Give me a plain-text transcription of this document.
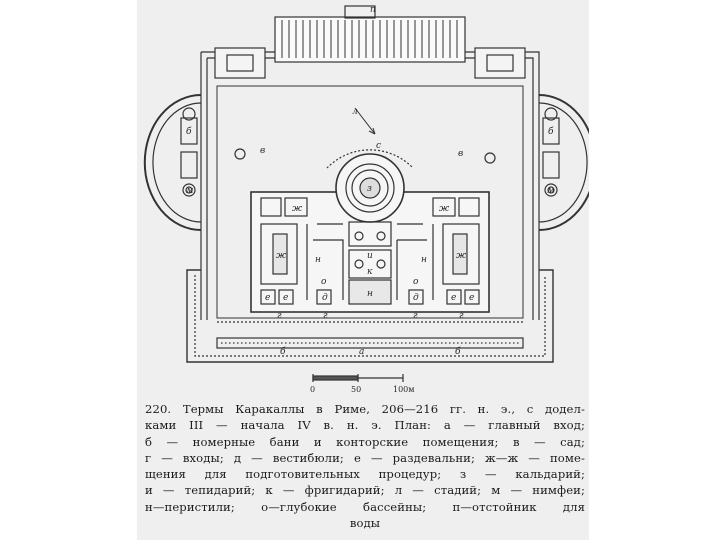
п
л
с
в	в
б	б
м	м
з
ж	ж
ж	ж
и
к
н	н
н
о	о
е е	е е
д	д
г	г	г	г
б	б
а
0	50	100м
220. Термы Каракаллы в Риме, 206—216 гг. н. э., с додел-
ками III — начала IV в. н. э. План: а — главный вход;
б — номерные бани и конторские помещения; в — сад;
г — входы; д — вестибюли; е — раздевальни; ж—ж — поме-
щения для подготовительных процедур; з — кальдарий;
и — тепидарий; к — фригидарий; л — стадий; м — нимфеи;
н—перистили; о—глубокие бассейны; п—отстойник для
воды
